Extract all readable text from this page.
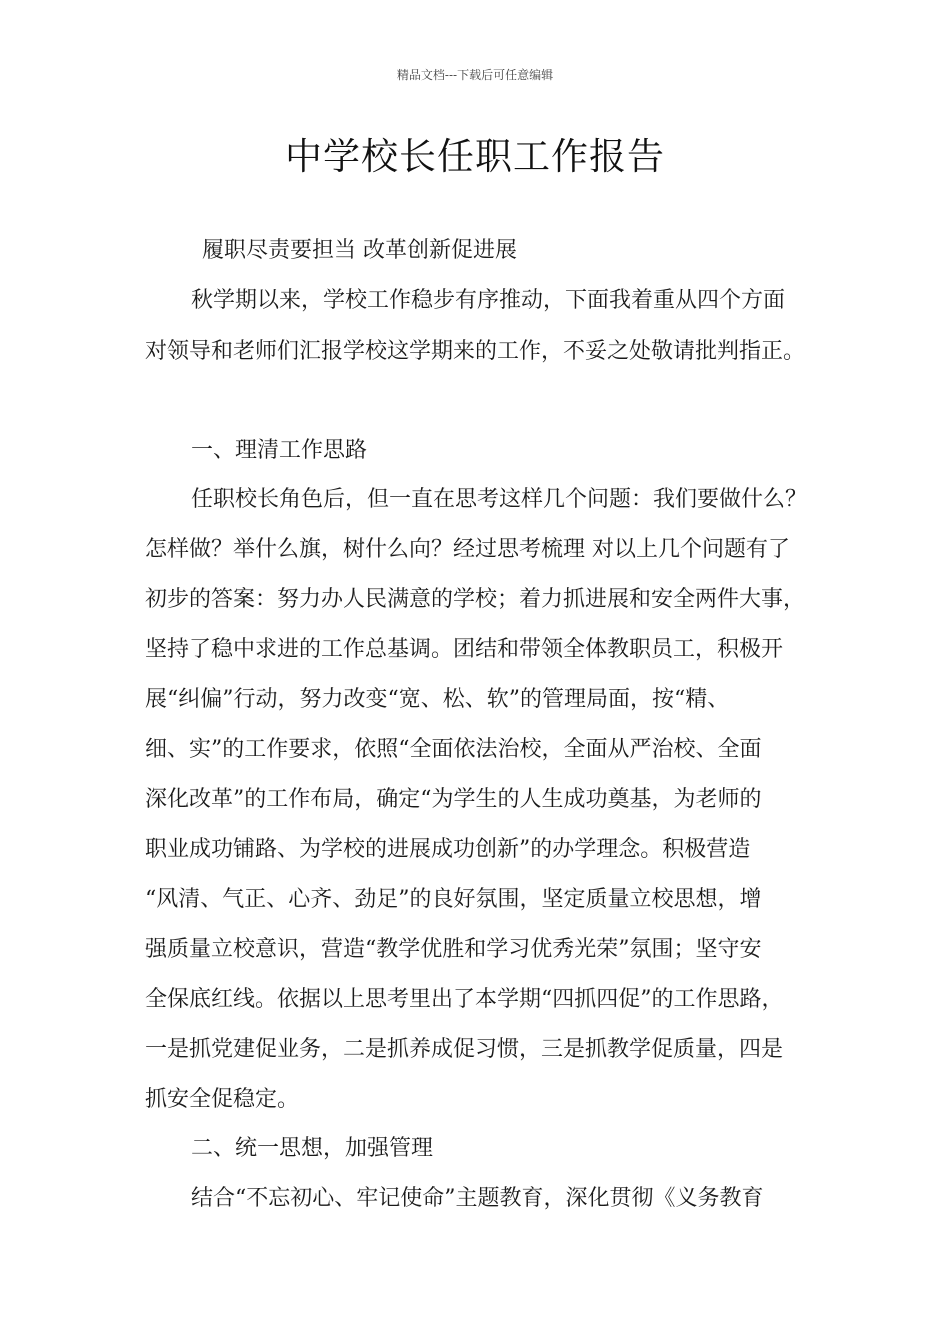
精品文档---下载后可任意编辑
中学校长任职工作报告
履职尽责要担当 改革创新促进展
秋学期以来，学校工作稳步有序推动，下面我着重从四个方面
对领导和老师们汇报学校这学期来的工作，不妥之处敬请批判指正。
一、理清工作思路
任职校长角色后，但一直在思考这样几个问题：我们要做什么？
怎样做？举什么旗，树什么向？经过思考梳理 对以上几个问题有了
初步的答案：努力办人民满意的学校；着力抓进展和安全两件大事，
坚持了稳中求进的工作总基调。团结和带领全体教职员工，积极开
展“纠偏”行动，努力改变“宽、松、软”的管理局面，按“精、
细、实”的工作要求，依照“全面依法治校，全面从严治校、全面
深化改革”的工作布局，确定“为学生的人生成功奠基，为老师的
职业成功铺路、为学校的进展成功创新”的办学理念。积极营造
“风清、气正、心齐、劲足”的良好氛围，坚定质量立校思想，增
强质量立校意识，营造“教学优胜和学习优秀光荣”氛围；坚守安
全保底红线。依据以上思考里出了本学期“四抓四促”的工作思路，
一是抓党建促业务，二是抓养成促习惯，三是抓教学促质量，四是
抓安全促稳定。
二、统一思想，加强管理
结合“不忘初心、牢记使命”主题教育，深化贯彻《义务教育
